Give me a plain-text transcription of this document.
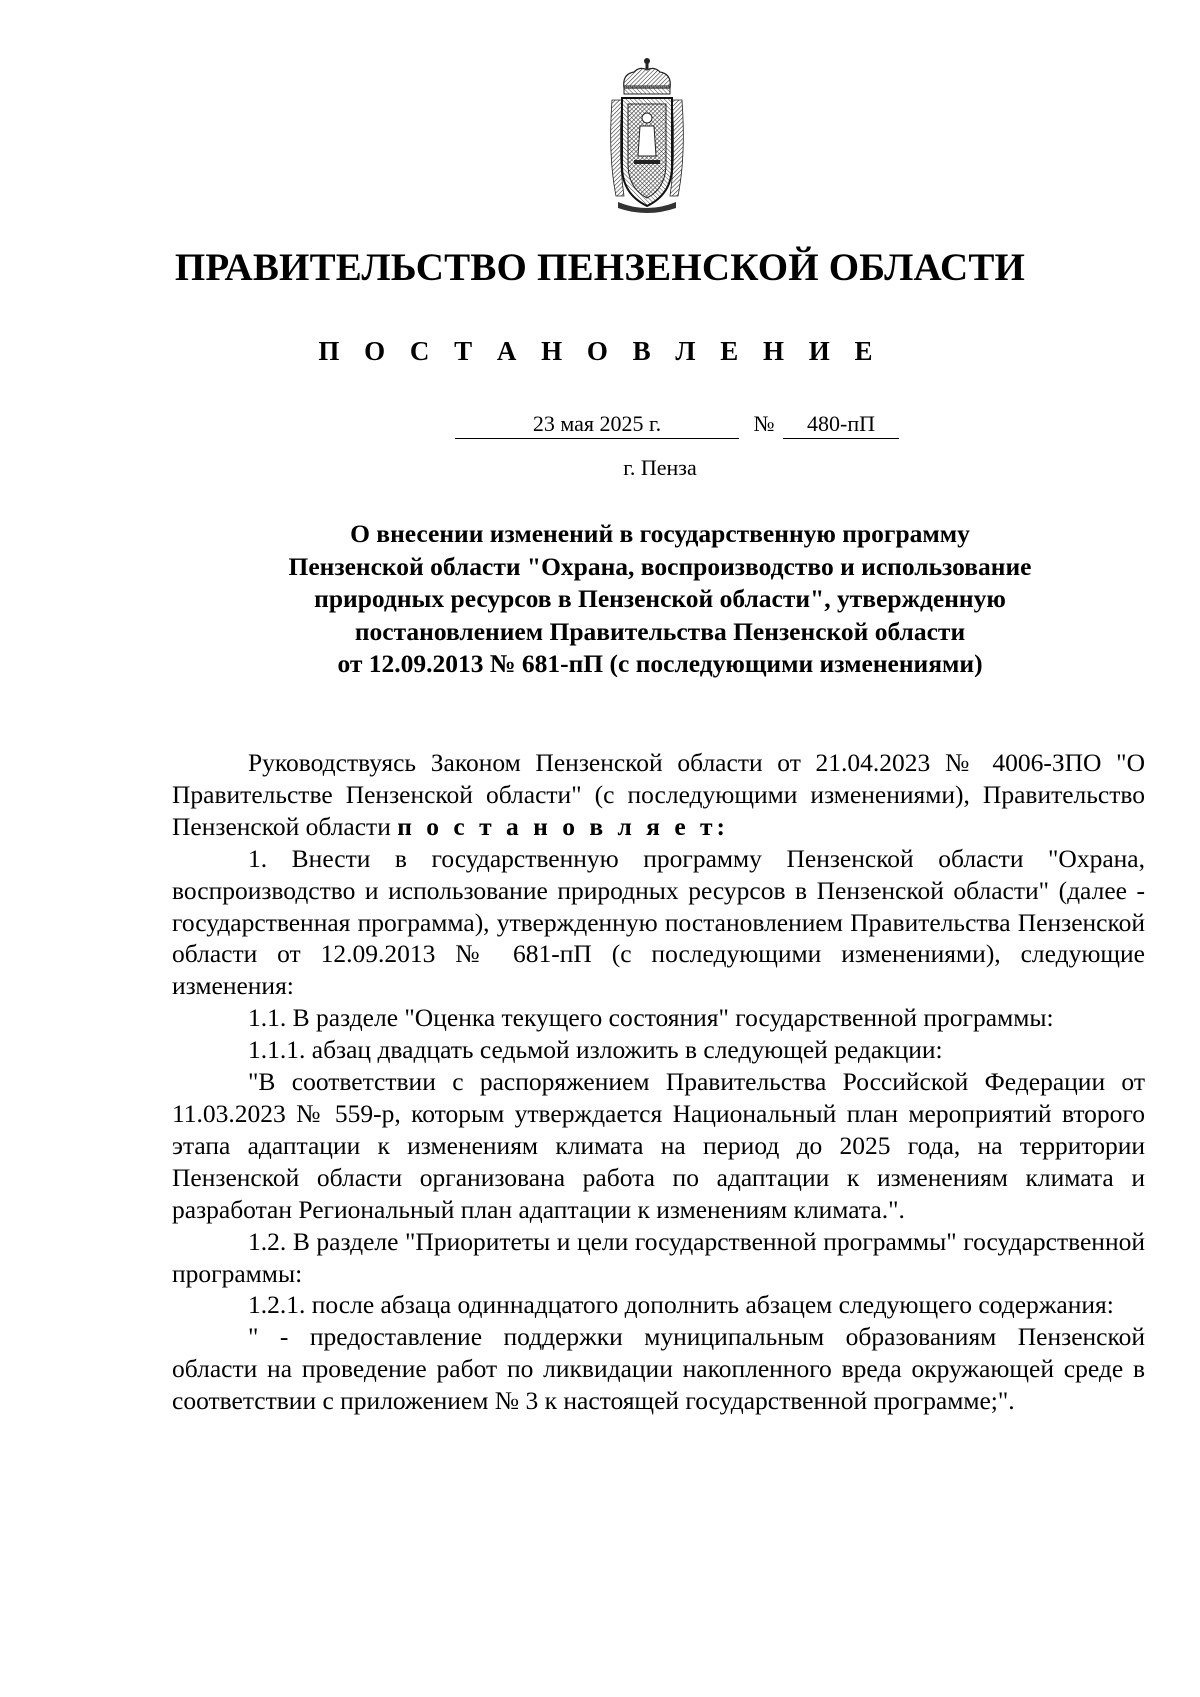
ПРАВИТЕЛЬСТВО ПЕНЗЕНСКОЙ ОБЛАСТИ
П О С Т А Н О В Л Е Н И Е
23 мая 2025 г.	№	480-пП
г. Пенза
О внесении изменений в государственную программу
Пензенской области "Охрана, воспроизводство и использование
природных ресурсов в Пензенской области", утвержденную
постановлением Правительства Пензенской области
от 12.09.2013 № 681-пП (с последующими изменениями)

Руководствуясь Законом Пензенской области от 21.04.2023 № 4006-ЗПО "О Правительстве Пензенской области" (с последующими изменениями), Правительство Пензенской области п о с т а н о в л я е т:

1. Внести в государственную программу Пензенской области "Охрана, воспроизводство и использование природных ресурсов в Пензенской области" (далее - государственная программа), утвержденную постановлением Правительства Пензенской области от 12.09.2013 № 681-пП (с последующими изменениями), следующие изменения:

1.1. В разделе "Оценка текущего состояния" государственной программы:

1.1.1. абзац двадцать седьмой изложить в следующей редакции:

"В соответствии с распоряжением Правительства Российской Федерации от 11.03.2023 № 559-р, которым утверждается Национальный план мероприятий второго этапа адаптации к изменениям климата на период до 2025 года, на территории Пензенской области организована работа по адаптации к изменениям климата и разработан Региональный план адаптации к изменениям климата.".

1.2. В разделе "Приоритеты и цели государственной программы" государственной программы:

1.2.1. после абзаца одиннадцатого дополнить абзацем следующего содержания:

" - предоставление поддержки муниципальным образованиям Пензенской области на проведение работ по ликвидации накопленного вреда окружающей среде в соответствии с приложением № 3 к настоящей государственной программе;".
